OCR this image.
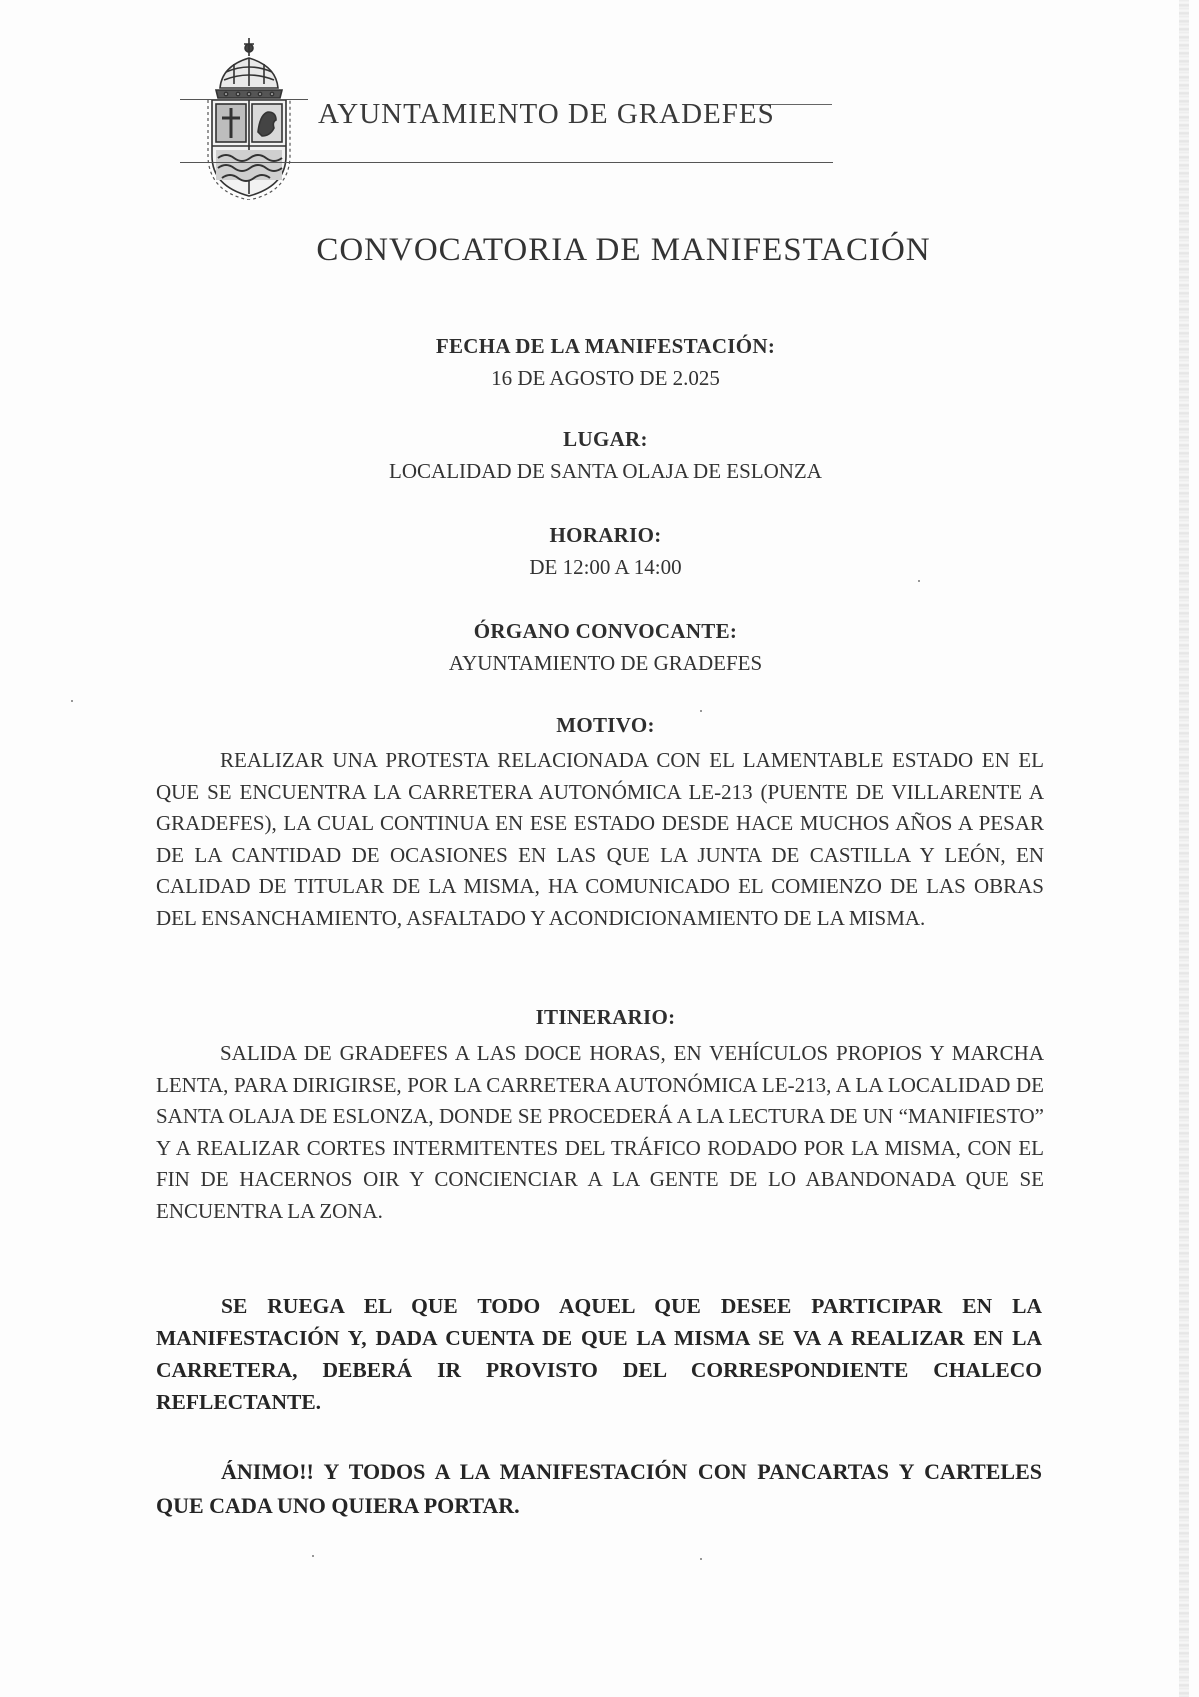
AYUNTAMIENTO DE GRADEFES
CONVOCATORIA DE MANIFESTACIÓN
FECHA DE LA MANIFESTACIÓN:
16 DE AGOSTO DE 2.025
LUGAR:
LOCALIDAD DE SANTA OLAJA DE ESLONZA
HORARIO:
DE 12:00 A 14:00
ÓRGANO CONVOCANTE:
AYUNTAMIENTO DE GRADEFES
MOTIVO:
REALIZAR UNA PROTESTA RELACIONADA CON EL LAMENTABLE ESTADO EN EL QUE SE ENCUENTRA LA CARRETERA AUTONÓMICA LE-213 (PUENTE DE VILLARENTE A GRADEFES), LA CUAL CONTINUA EN ESE ESTADO DESDE HACE MUCHOS AÑOS A PESAR DE LA CANTIDAD DE OCASIONES EN LAS QUE LA JUNTA DE CASTILLA Y LEÓN, EN CALIDAD DE TITULAR DE LA MISMA, HA COMUNICADO EL COMIENZO DE LAS OBRAS DEL ENSANCHAMIENTO, ASFALTADO Y ACONDICIONAMIENTO DE LA MISMA.
ITINERARIO:
SALIDA DE GRADEFES A LAS DOCE HORAS, EN VEHÍCULOS PROPIOS Y MARCHA LENTA, PARA DIRIGIRSE, POR LA CARRETERA AUTONÓMICA LE-213, A LA LOCALIDAD DE SANTA OLAJA DE ESLONZA, DONDE SE PROCEDERÁ A LA LECTURA DE UN “MANIFIESTO” Y A REALIZAR CORTES INTERMITENTES DEL TRÁFICO RODADO POR LA MISMA, CON EL FIN DE HACERNOS OIR Y CONCIENCIAR A LA GENTE DE LO ABANDONADA QUE SE ENCUENTRA LA ZONA.
SE RUEGA EL QUE TODO AQUEL QUE DESEE PARTICIPAR EN LA MANIFESTACIÓN Y, DADA CUENTA DE QUE LA MISMA SE VA A REALIZAR EN LA CARRETERA, DEBERÁ IR PROVISTO DEL CORRESPONDIENTE CHALECO REFLECTANTE.
ÁNIMO!! Y TODOS A LA MANIFESTACIÓN CON PANCARTAS Y CARTELES QUE CADA UNO QUIERA PORTAR.
